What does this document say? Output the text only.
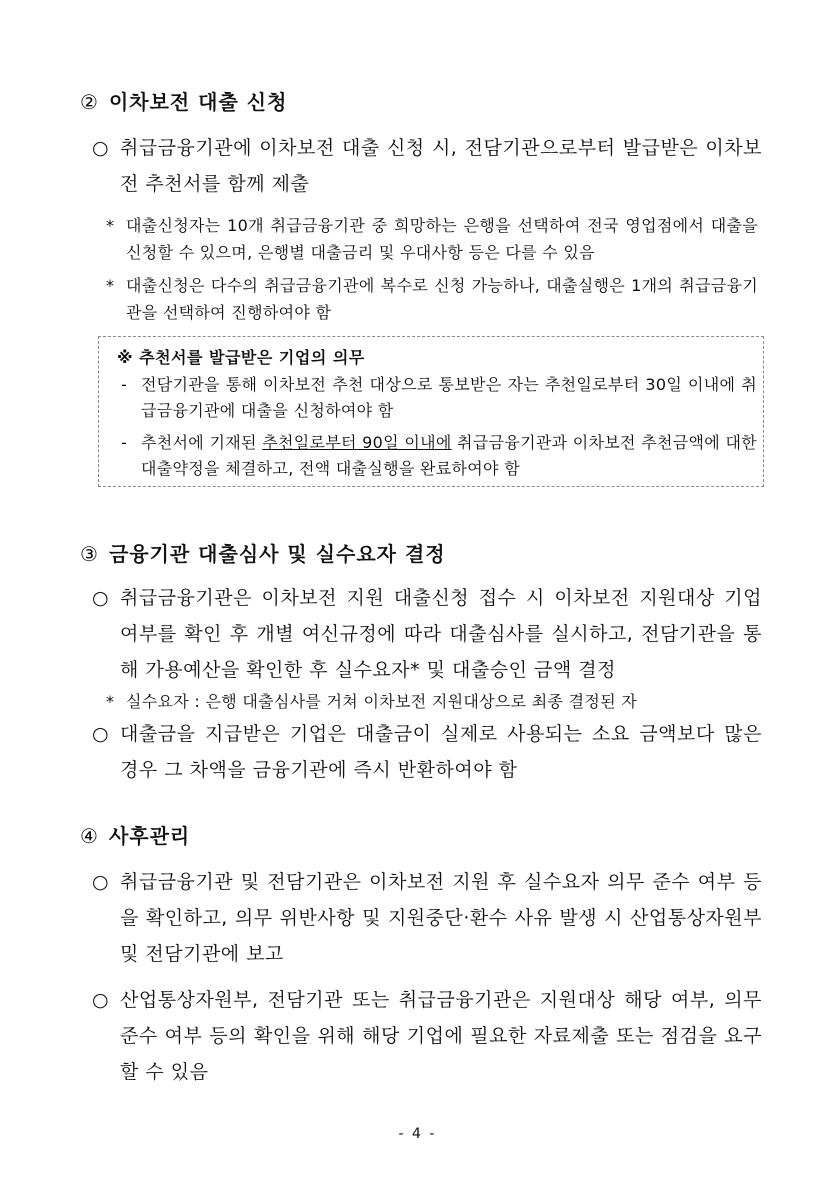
② 이차보전 대출 신청
○ 취급금융기관에 이차보전 대출 신청 시, 전담기관으로부터 발급받은 이차보전 추천서를 함께 제출
* 대출신청자는 10개 취급금융기관 중 희망하는 은행을 선택하여 전국 영업점에서 대출을 신청할 수 있으며, 은행별 대출금리 및 우대사항 등은 다를 수 있음
* 대출신청은 다수의 취급금융기관에 복수로 신청 가능하나, 대출실행은 1개의 취급금융기관을 선택하여 진행하여야 함
※ 추천서를 발급받은 기업의 의무
- 전담기관을 통해 이차보전 추천 대상으로 통보받은 자는 추천일로부터 30일 이내에 취급금융기관에 대출을 신청하여야 함
- 추천서에 기재된 추천일로부터 90일 이내에 취급금융기관과 이차보전 추천금액에 대한 대출약정을 체결하고, 전액 대출실행을 완료하여야 함
③ 금융기관 대출심사 및 실수요자 결정
○ 취급금융기관은 이차보전 지원 대출신청 접수 시 이차보전 지원대상 기업 여부를 확인 후 개별 여신규정에 따라 대출심사를 실시하고, 전담기관을 통해 가용예산을 확인한 후 실수요자* 및 대출승인 금액 결정
* 실수요자 : 은행 대출심사를 거쳐 이차보전 지원대상으로 최종 결정된 자
○ 대출금을 지급받은 기업은 대출금이 실제로 사용되는 소요 금액보다 많은 경우 그 차액을 금융기관에 즉시 반환하여야 함
④ 사후관리
○ 취급금융기관 및 전담기관은 이차보전 지원 후 실수요자 의무 준수 여부 등을 확인하고, 의무 위반사항 및 지원중단·환수 사유 발생 시 산업통상자원부 및 전담기관에 보고
○ 산업통상자원부, 전담기관 또는 취급금융기관은 지원대상 해당 여부, 의무 준수 여부 등의 확인을 위해 해당 기업에 필요한 자료제출 또는 점검을 요구할 수 있음
- 4 -
